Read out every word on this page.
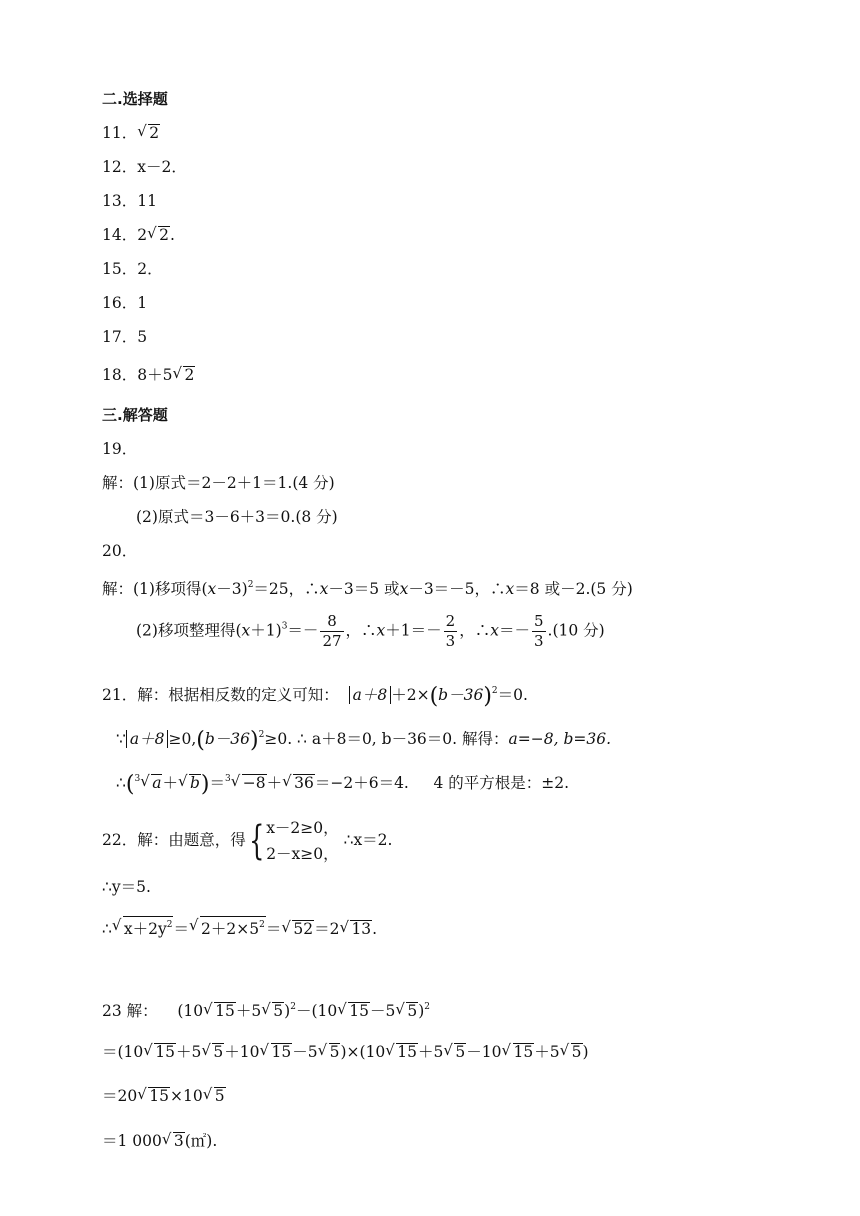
二.选择题
11．√ 2
12．x－2．
13．11
14．2√ 2.
15．2．
16．1
17．5
18．8＋5√ 2
三.解答题
19．
解：(1)原式＝2－2＋1＝1.(4 分)
(2)原式＝3－6＋3＝0.(8 分)
20．
解：(1)移项得$(x-3)^2=25$，∴x－3＝5 或x－3＝－5，∴x＝8 或－2.(5 分)
(2)移项整理得$(x+1)^3=- \frac{8}{27}$ ，∴x＋1＝－ $\frac{2}{3}$ ，∴x＝－ $\frac{5}{3} .(10$ 分)
21．解：根据相反数的定义可知： $a+8 +2\times(b-36)^2=0$.
∵ $a+8 \ge 0,(b-36)^2\ge 0$. ∴ a＋8＝0, b－36＝0. 解得：a=−8, b=36.
∴($^3$√ a＋√ b)＝$^3$√ −8＋√ 36＝−2＋6＝4. 4 的平方根是：±2.
22．解：由题意，得{ x－2≥0，
2－x≥0，
∴x＝2.
∴y＝5.
∴√ $x+2y^2=√$ $2+2\times 5^2=√$ 52＝2√ 13.
23 解： (10√ 15＋5√ 5)$^2$－(10√ 15－5√ 5)$^2$
＝(10√ 15＋5√ 5＋10√ 15－5√ 5)×(10√ 15＋5√ 5－10√ 15＋5√ 5)
＝20√ 15×10√ 5
＝1 000√ 3(㎡).
